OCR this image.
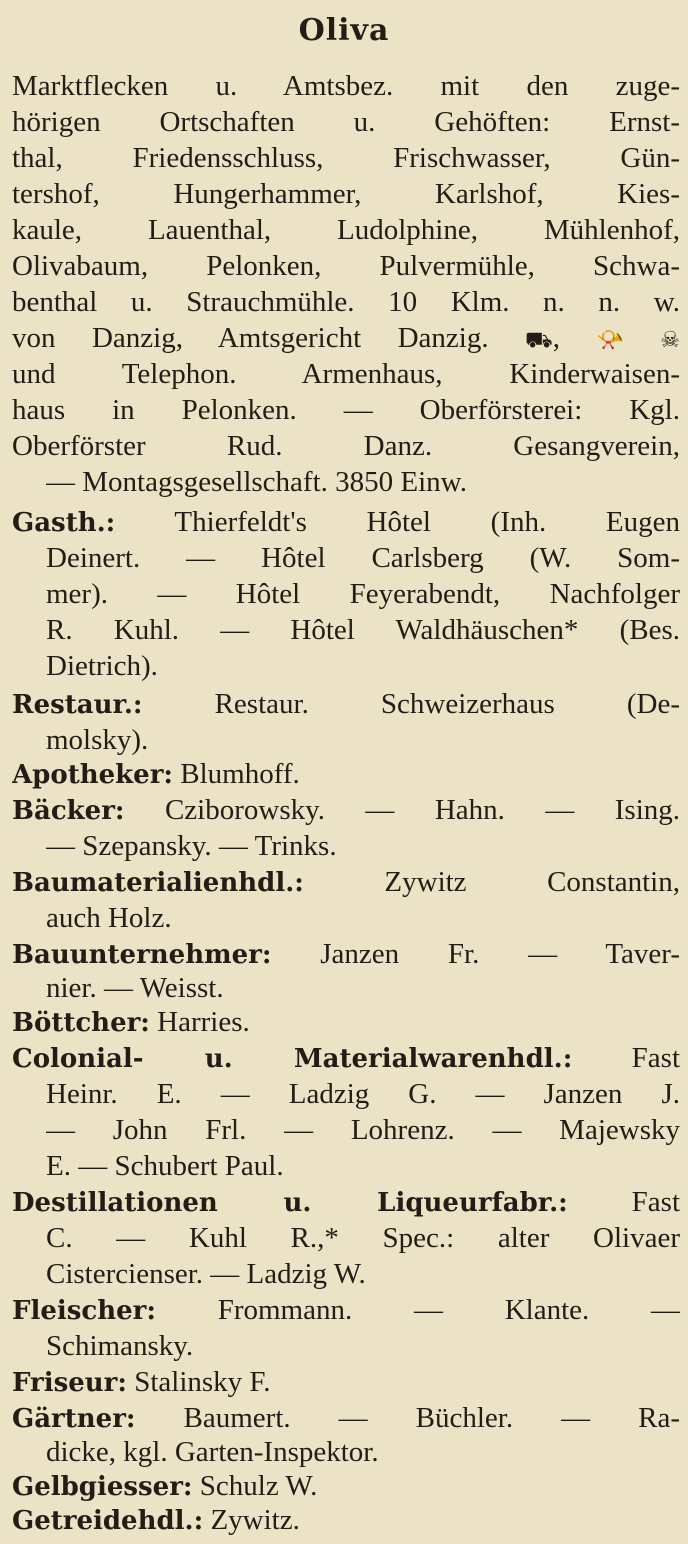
Oliva
Marktflecken u. Amtsbez. mit den zuge-
hörigen Ortschaften u. Gehöften: Ernst-
thal, Friedensschluss, Frischwasser, Gün-
tershof, Hungerhammer, Karlshof, Kies-
kaule, Lauenthal, Ludolphine, Mühlenhof,
Olivabaum, Pelonken, Pulvermühle, Schwa-
benthal u. Strauchmühle. 10 Klm. n. n. w.
von Danzig, Amtsgericht Danzig. ⛟, 📯 ☠
und Telephon. Armenhaus, Kinderwaisen-
haus in Pelonken. — Oberförsterei: Kgl.
Oberförster Rud. Danz. Gesangverein,
— Montagsgesellschaft. 3850 Einw.
Gasth.: Thierfeldt's Hôtel (Inh. Eugen
Deinert. — Hôtel Carlsberg (W. Som-
mer). — Hôtel Feyerabendt, Nachfolger
R. Kuhl. — Hôtel Waldhäuschen* (Bes.
Dietrich).
Restaur.: Restaur. Schweizerhaus (De-
molsky).
Apotheker: Blumhoff.
Bäcker: Cziborowsky. — Hahn. — Ising.
— Szepansky. — Trinks.
Baumaterialienhdl.:	Zywitz Constantin,
auch Holz.
Bauunternehmer: Janzen Fr. — Taver-
nier. — Weisst.
Böttcher: Harries.
Colonial- u. Materialwarenhdl.: Fast
Heinr. E. — Ladzig G. — Janzen J.
— John Frl. — Lohrenz. — Majewsky
E. — Schubert Paul.
Destillationen u. Liqueurfabr.: Fast
C. — Kuhl R.,* Spec.: alter Olivaer
Cistercienser. — Ladzig W.
Fleischer: Frommann. — Klante. —
Schimansky.
Friseur: Stalinsky F.
Gärtner: Baumert. — Büchler. — Ra-
dicke, kgl. Garten-Inspektor.
Gelbgiesser: Schulz W.
Getreidehdl.: Zywitz.
